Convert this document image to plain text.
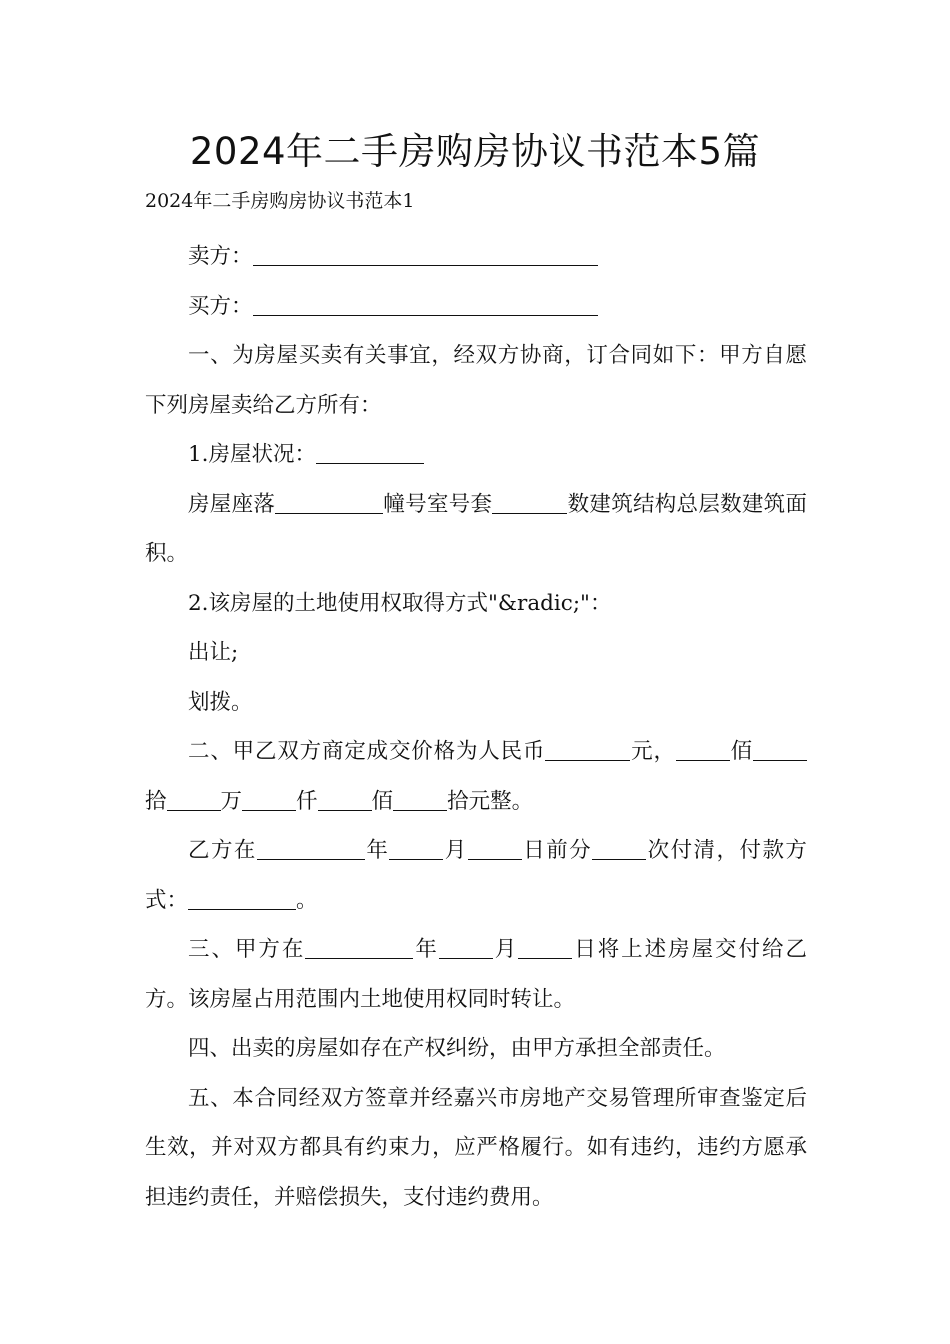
2024年二手房购房协议书范本5篇
2024年二手房购房协议书范本1

卖方：

买方：

一、为房屋买卖有关事宜，经双方协商，订合同如下：甲方自愿下列房屋卖给乙方所有：

1.房屋状况：

房屋座落	幢号室号套	数建筑结构总层数建筑面积。

2.该房屋的土地使用权取得方式"&radic;"：

出让;

划拨。

二、甲乙双方商定成交价格为人民币	元，	佰拾	万	仟	佰	拾元整。

乙方在	年	月	日前分	次付清，付款方式：	。

三、甲方在	年	月	日将上述房屋交付给乙方。该房屋占用范围内土地使用权同时转让。

四、出卖的房屋如存在产权纠纷，由甲方承担全部责任。

五、本合同经双方签章并经嘉兴市房地产交易管理所审查鉴定后生效，并对双方都具有约束力，应严格履行。如有违约，违约方愿承担违约责任，并赔偿损失，支付违约费用。
